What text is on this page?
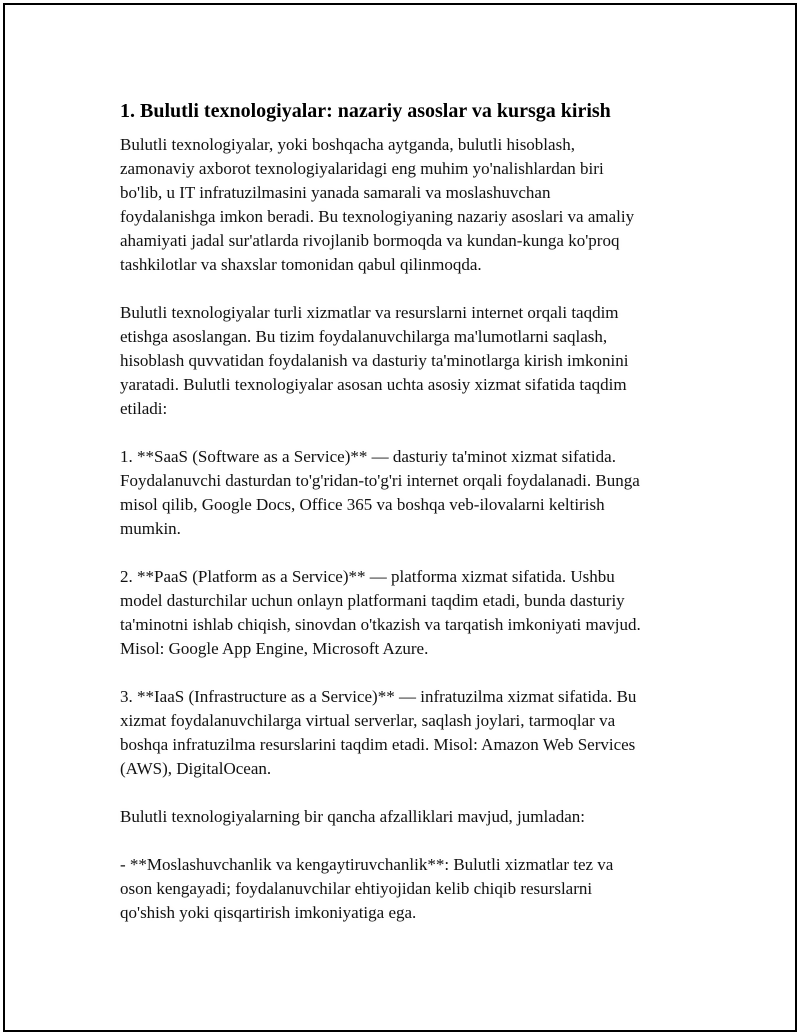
1. Bulutli texnologiyalar: nazariy asoslar va kursga kirish

Bulutli texnologiyalar, yoki boshqacha aytganda, bulutli hisoblash,
zamonaviy axborot texnologiyalaridagi eng muhim yo'nalishlardan biri
bo'lib, u IT infratuzilmasini yanada samarali va moslashuvchan
foydalanishga imkon beradi. Bu texnologiyaning nazariy asoslari va amaliy
ahamiyati jadal sur'atlarda rivojlanib bormoqda va kundan-kunga ko'proq
tashkilotlar va shaxslar tomonidan qabul qilinmoqda.

Bulutli texnologiyalar turli xizmatlar va resurslarni internet orqali taqdim
etishga asoslangan. Bu tizim foydalanuvchilarga ma'lumotlarni saqlash,
hisoblash quvvatidan foydalanish va dasturiy ta'minotlarga kirish imkonini
yaratadi. Bulutli texnologiyalar asosan uchta asosiy xizmat sifatida taqdim
etiladi:

1. **SaaS (Software as a Service)** — dasturiy ta'minot xizmat sifatida.
Foydalanuvchi dasturdan to'g'ridan-to'g'ri internet orqali foydalanadi. Bunga
misol qilib, Google Docs, Office 365 va boshqa veb-ilovalarni keltirish
mumkin.

2. **PaaS (Platform as a Service)** — platforma xizmat sifatida. Ushbu
model dasturchilar uchun onlayn platformani taqdim etadi, bunda dasturiy
ta'minotni ishlab chiqish, sinovdan o'tkazish va tarqatish imkoniyati mavjud.
Misol: Google App Engine, Microsoft Azure.

3. **IaaS (Infrastructure as a Service)** — infratuzilma xizmat sifatida. Bu
xizmat foydalanuvchilarga virtual serverlar, saqlash joylari, tarmoqlar va
boshqa infratuzilma resurslarini taqdim etadi. Misol: Amazon Web Services
(AWS), DigitalOcean.

Bulutli texnologiyalarning bir qancha afzalliklari mavjud, jumladan:

- **Moslashuvchanlik va kengaytiruvchanlik**: Bulutli xizmatlar tez va
oson kengayadi; foydalanuvchilar ehtiyojidan kelib chiqib resurslarni
qo'shish yoki qisqartirish imkoniyatiga ega.
